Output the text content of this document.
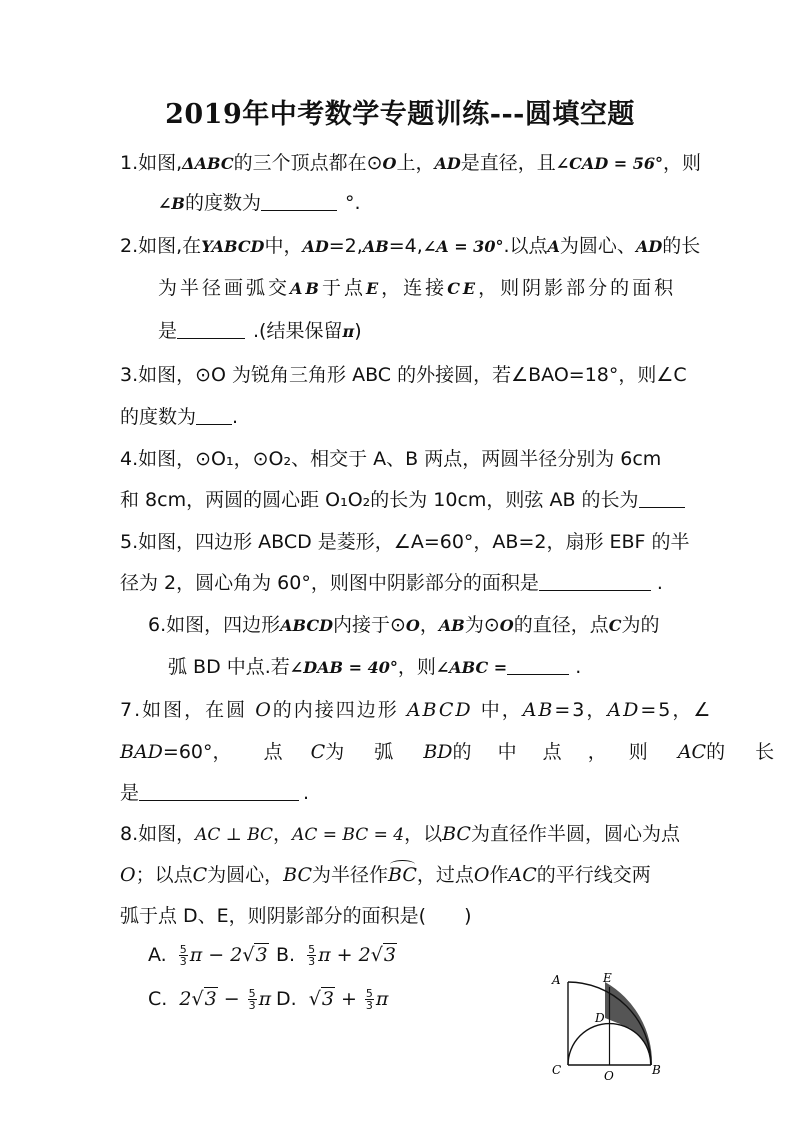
2019年中考数学专题训练---圆填空题
1.如图,ΔABC的三个顶点都在⊙O上，AD是直径，且∠CAD = 56°，则
∠B的度数为	°.
2.如图,在YABCD中，AD=2,AB=4,∠A = 30°.以点A为圆心、AD的长
为半径画弧交AB于点E，连接CE，则阴影部分的面积
是	.(结果保留π)
3.如图，⊙O 为锐角三角形 ABC 的外接圆，若∠BAO=18°，则∠C
的度数为 .
4.如图，⊙O₁，⊙O₂、相交于 A、B 两点，两圆半径分别为 6cm
和 8cm，两圆的圆心距 O₁O₂的长为 10cm，则弦 AB 的长为
5.如图，四边形 ABCD 是菱形，∠A=60°，AB=2，扇形 EBF 的半
径为 2，圆心角为 60°，则图中阴影部分的面积是	.
6.如图，四边形ABCD内接于⊙O，AB为⊙O的直径，点C为的
弧 BD 中点.若∠DAB = 40°，则∠ABC =	.
7.如图，在圆 O的内接四边形 ABCD 中，AB=3，AD=5，∠
BAD=60°， 点 C为 弧 BD的 中 点 ， 则 AC的 长
是	.
8.如图，AC ⊥ BC，AC = BC = 4，以BC为直径作半圆，圆心为点
O；以点C为圆心，BC为半径作BC，过点O作AC的平行线交两
弧于点 D、E，则阴影部分的面积是(　　)
A. $\frac{5}{3}$ π − 2√3 B. $\frac{5}{3}$ π + 2√3
C. $2√3 - \frac{5}{3}$ π D. $√3 + \frac{5}{3}$ π
A	E
D
C	O	B
